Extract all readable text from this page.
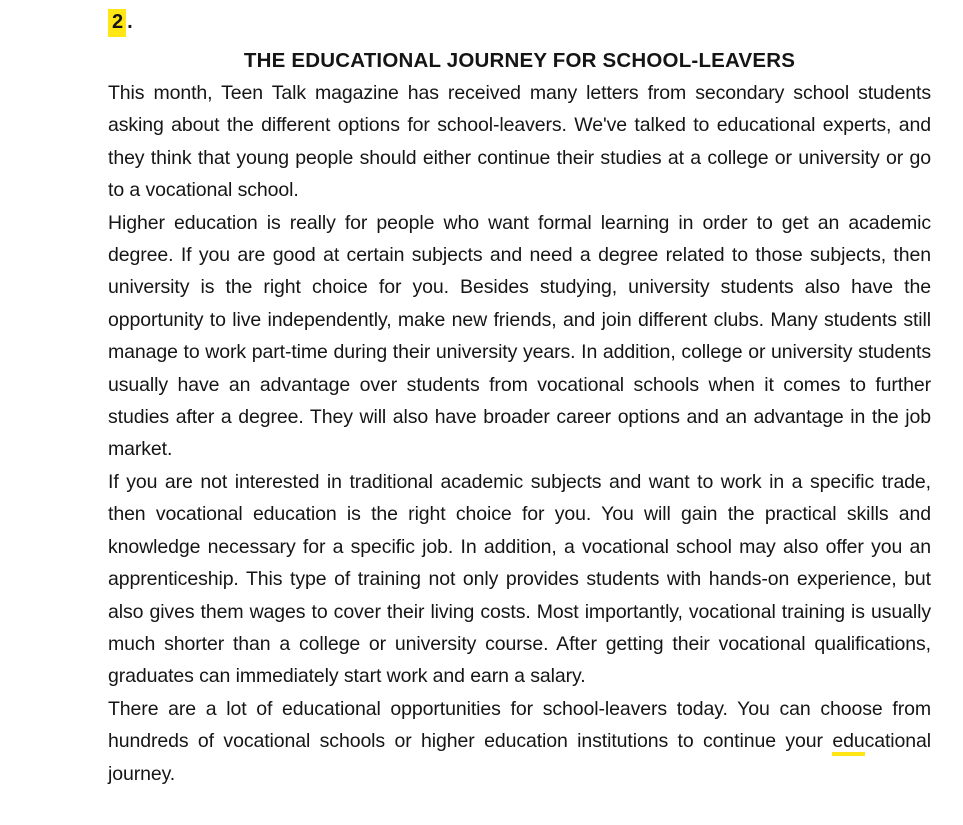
2 .
THE EDUCATIONAL JOURNEY FOR SCHOOL-LEAVERS

This month, Teen Talk magazine has received many letters from secondary school students asking about the different options for school-leavers. We've talked to educational experts, and they think that young people should either continue their studies at a college or university or go to a vocational school.

Higher education is really for people who want formal learning in order to get an academic degree. If you are good at certain subjects and need a degree related to those subjects, then university is the right choice for you. Besides studying, university students also have the opportunity to live independently, make new friends, and join different clubs. Many students still manage to work part-time during their university years. In addition, college or university students usually have an advantage over students from vocational schools when it comes to further studies after a degree. They will also have broader career options and an advantage in the job market.

If you are not interested in traditional academic subjects and want to work in a specific trade, then vocational education is the right choice for you. You will gain the practical skills and knowledge necessary for a specific job. In addition, a vocational school may also offer you an apprenticeship. This type of training not only provides students with hands-on experience, but also gives them wages to cover their living costs. Most importantly, vocational training is usually much shorter than a college or university course. After getting their vocational qualifications, graduates can immediately start work and earn a salary.

There are a lot of educational opportunities for school-leavers today. You can choose from hundreds of vocational schools or higher education institutions to continue your educational journey.
